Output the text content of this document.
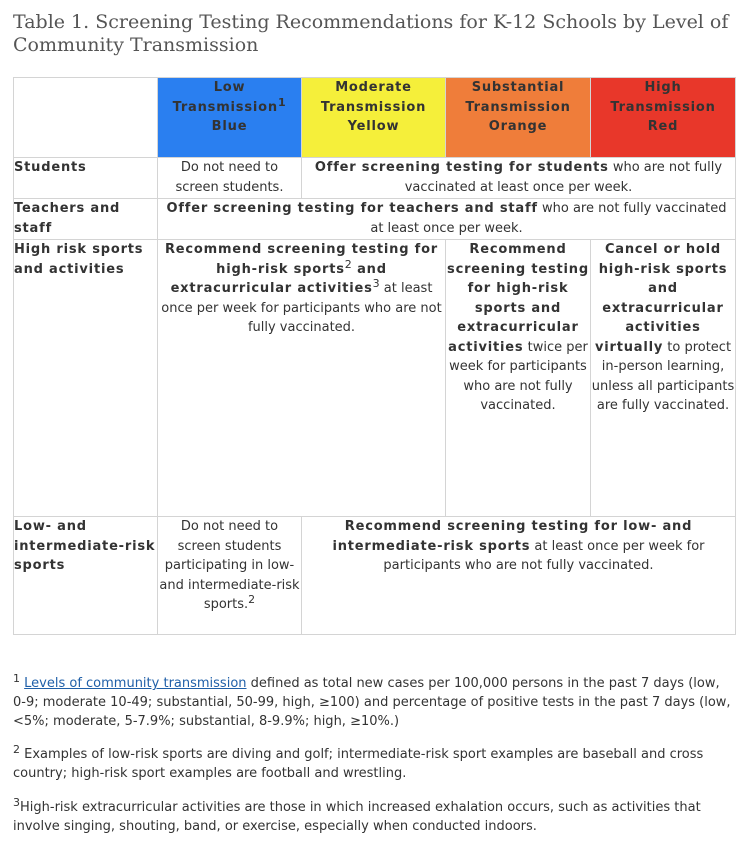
Table 1. Screening Testing Recommendations for K-12 Schools by Level of Community Transmission

	Low
Transmission$^1$
Blue	Moderate
Transmission
Yellow	Substantial
Transmission
Orange	High
Transmission
Red

Students	Do not need to screen students.	Offer screening testing for students who are not fully vaccinated at least once per week.		
Teachers and staff	Offer screening testing for teachers and staff who are not fully vaccinated at least once per week.			
High risk sports and activities	Recommend screening testing for high-risk sports$^2$ and extracurricular activities$^3$ at least once per week for participants who are not fully vaccinated.		Recommend screening testing for high-risk sports and extracurricular activities twice per week for participants who are not fully vaccinated.	Cancel or hold high-risk sports and extracurricular activities virtually to protect in-person learning, unless all participants are fully vaccinated.
Low- and intermediate-risk sports	Do not need to screen students participating in low- and intermediate-risk sports.$^2$	Recommend screening testing for low- and intermediate-risk sports at least once per week for participants who are not fully vaccinated.		

$^1$ Levels of community transmission defined as total new cases per 100,000 persons in the past 7 days (low, 0-9; moderate 10-49; substantial, 50-99, high, ≥100) and percentage of positive tests in the past 7 days (low, <5%; moderate, 5-7.9%; substantial, 8-9.9%; high, ≥10%.)

$^2$ Examples of low-risk sports are diving and golf; intermediate-risk sport examples are baseball and cross country; high-risk sport examples are football and wrestling.

$^3$High-risk extracurricular activities are those in which increased exhalation occurs, such as activities that involve singing, shouting, band, or exercise, especially when conducted indoors.
